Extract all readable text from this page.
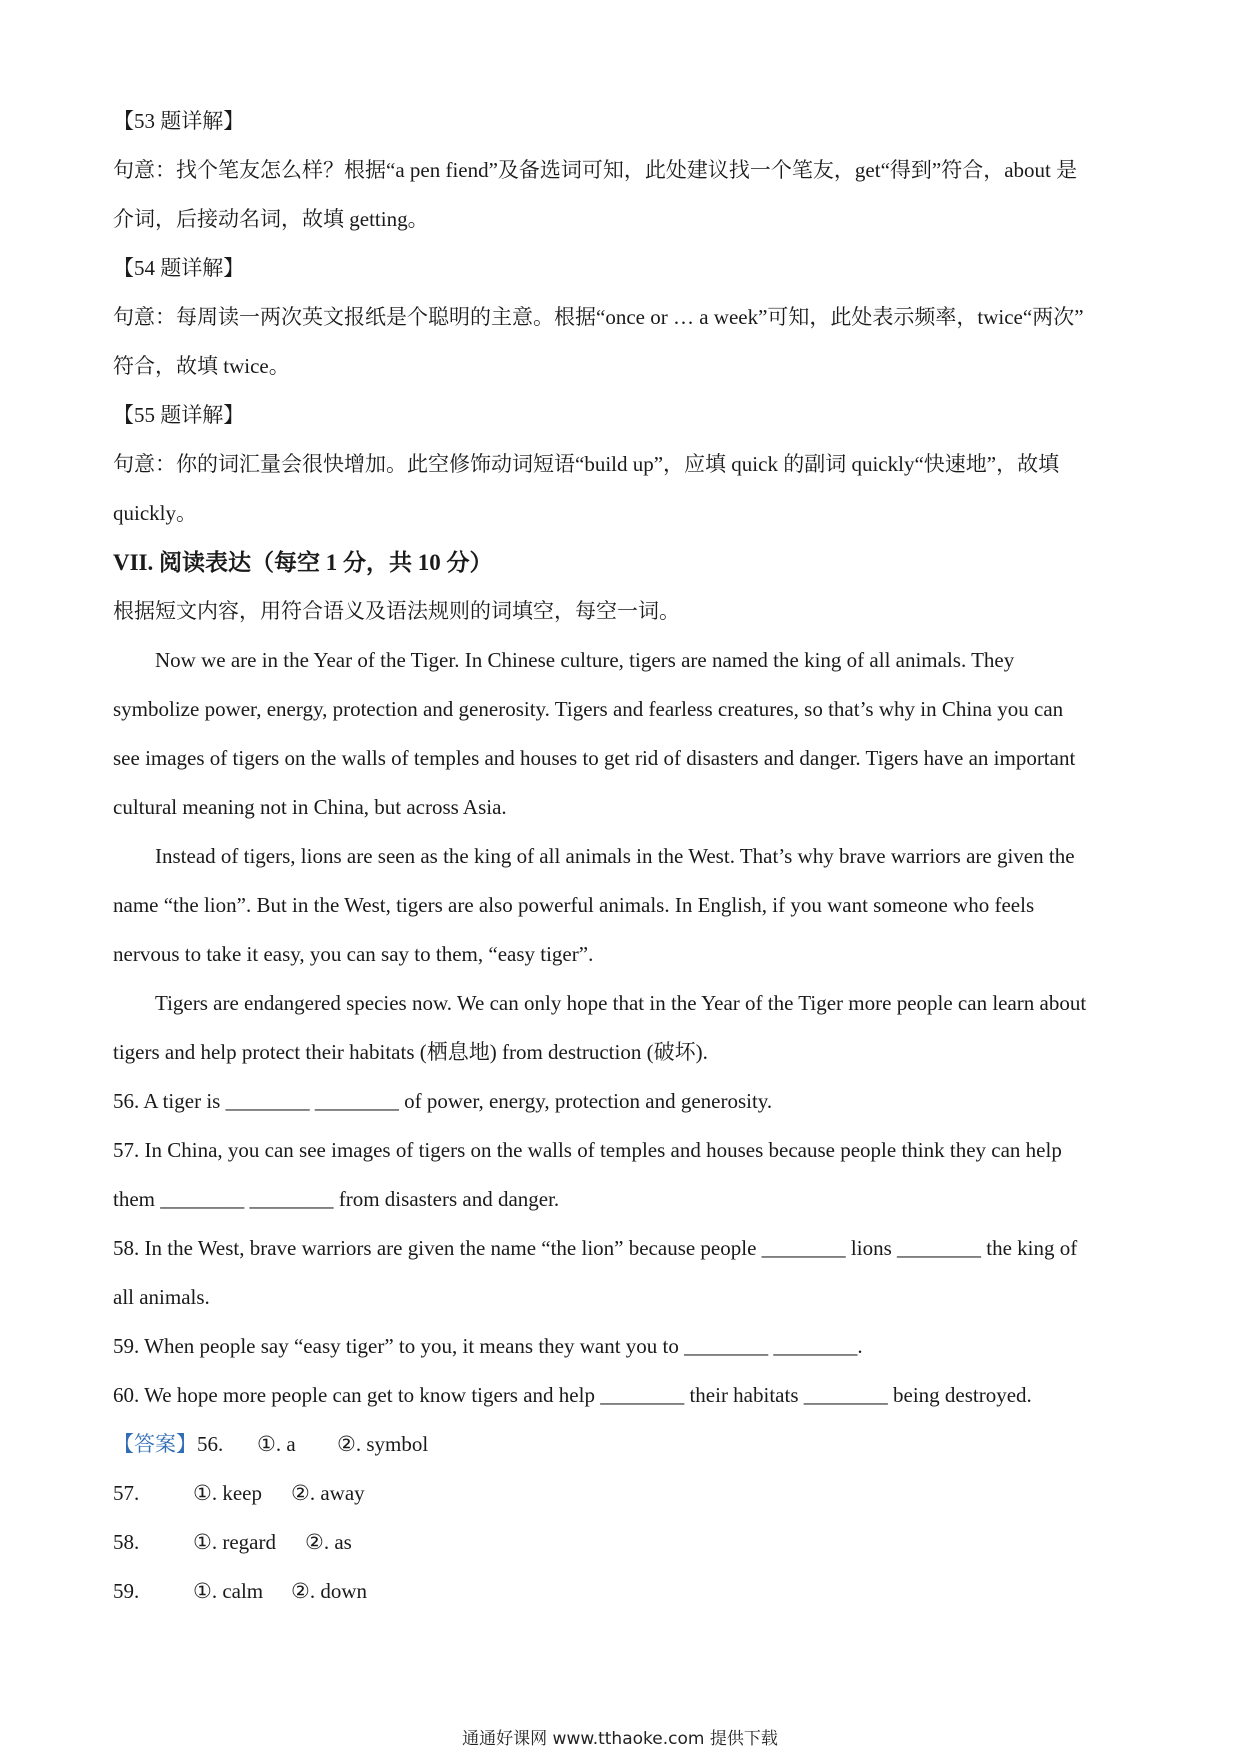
【53 题详解】
句意：找个笔友怎么样？根据“a pen fiend”及备选词可知，此处建议找一个笔友，get“得到”符合，about 是
介词，后接动名词，故填 getting。
【54 题详解】
句意：每周读一两次英文报纸是个聪明的主意。根据“once or … a week”可知，此处表示频率，twice“两次”
符合，故填 twice。
【55 题详解】
句意：你的词汇量会很快增加。此空修饰动词短语“build up”，应填 quick 的副词 quickly“快速地”，故填
quickly。
VII. 阅读表达（每空 1 分，共 10 分）
根据短文内容，用符合语义及语法规则的词填空，每空一词。
Now we are in the Year of the Tiger. In Chinese culture, tigers are named the king of all animals. They
symbolize power, energy, protection and generosity. Tigers and fearless creatures, so that’s why in China you can
see images of tigers on the walls of temples and houses to get rid of disasters and danger. Tigers have an important
cultural meaning not in China, but across Asia.
Instead of tigers, lions are seen as the king of all animals in the West. That’s why brave warriors are given the
name “the lion”. But in the West, tigers are also powerful animals. In English, if you want someone who feels
nervous to take it easy, you can say to them, “easy tiger”.
Tigers are endangered species now. We can only hope that in the Year of the Tiger more people can learn about
tigers and help protect their habitats (栖息地) from destruction (破坏).
56. A tiger is ________ ________ of power, energy, protection and generosity.
57. In China, you can see images of tigers on the walls of temples and houses because people think they can help
them ________ ________ from disasters and danger.
58. In the West, brave warriors are given the name “the lion” because people ________ lions ________ the king of
all animals.
59. When people say “easy tiger” to you, it means they want you to ________ ________.
60. We hope more people can get to know tigers and help ________ their habitats ________ being destroyed.
【答案】56. ①. a ②. symbol
57.	①. keep ②. away
58.	①. regard ②. as
59.	①. calm ②. down
通通好课网 www.tthaoke.com 提供下载
